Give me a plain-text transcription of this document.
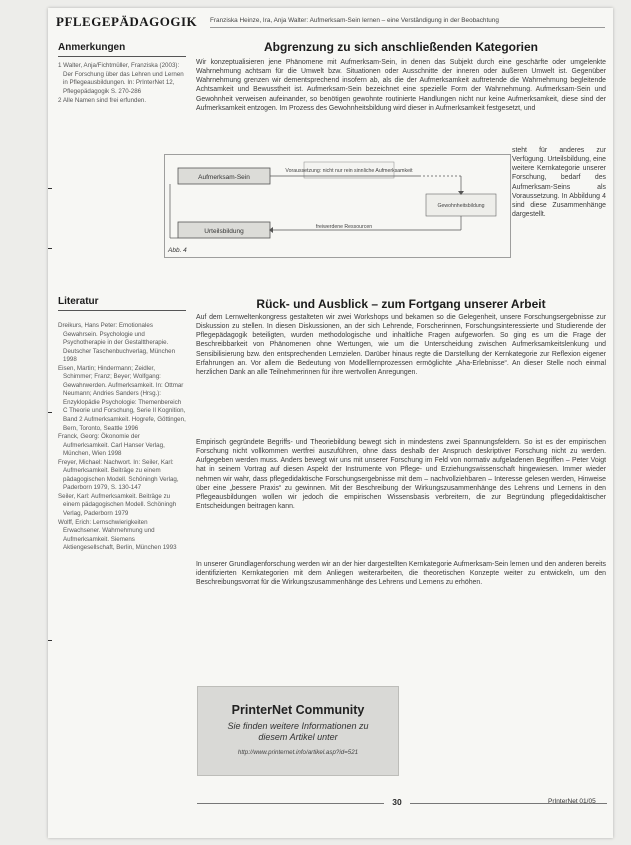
PFLEGEPÄDAGOGIK Franziska Heinze, Ira, Anja Walter: Aufmerksam-Sein lernen – eine Verständigung in der Beobachtung
Anmerkungen

1 Walter, Anja/Fichtmüller, Franziska (2003): Der Forschung über das Lehren und Lernen in Pflegeausbildungen. In: PrInterNet 12, Pflegepädagogik S. 270-286

2 Alle Namen sind frei erfunden.

Literatur

Dreikurs, Hans Peter: Emotionales Gewahrsein. Psychologie und Psychotherapie in der Gestalttherapie. Deutscher Taschenbuchverlag, München 1998

Eisen, Martin; Hindermann; Zeidler, Schimmer; Franz; Beyer; Wolfgang: Gewahrwerden. Aufmerksamkeit. In: Ottmar Neumann; Andries Sanders (Hrsg.): Enzyklopädie Psychologie: Themenbereich C Theorie und Forschung, Serie II Kognition, Band 2 Aufmerksamkeit. Hogrefe, Göttingen, Bern, Toronto, Seattle 1996

Franck, Georg: Ökonomie der Aufmerksamkeit. Carl Hanser Verlag, München, Wien 1998

Freyer, Michael: Nachwort. In: Seiler, Karl: Aufmerksamkeit. Beiträge zu einem pädagogischen Modell. Schöningh Verlag, Paderborn 1979, S. 130-147

Seiler, Karl: Aufmerksamkeit. Beiträge zu einem pädagogischen Modell. Schöningh Verlag, Paderborn 1979

Wolff, Erich: Lernschwierigkeiten Erwachsener. Wahrnehmung und Aufmerksamkeit. Siemens Aktiengesellschaft, Berlin, München 1993

Abgrenzung zu sich anschließenden Kategorien

Wir konzeptualisieren jene Phänomene mit Aufmerksam-Sein, in denen das Subjekt durch eine geschärfte oder umgelenkte Wahrnehmung achtsam für die Umwelt bzw. Situationen oder Ausschnitte der inneren oder äußeren Umwelt ist. Gegenüber Wahrnehmung grenzen wir dementsprechend insofern ab, als die der Aufmerksamkeit auftretende die Wahrnehmung begleitende Achtsamkeit und Bewusstheit ist. Aufmerksam-Sein bezeichnet eine spezielle Form der Wahrnehmung. Aufmerksam-Sein und Gewohnheit verweisen aufeinander, so benötigen gewohnte routinierte Handlungen nicht nur keine Aufmerksamkeit, diese sind der Aufmerksamkeit entzogen. Im Prozess des Gewohnheitsbildung wird dieser in Aufmerksamkeit festgesetzt, und

steht für anderes zur Verfügung. Urteilsbildung, eine weitere Kernkategorie unserer Forschung, bedarf des Aufmerksam-Seins als Voraussetzung. In Abbildung 4 sind diese Zusammenhänge dargestellt.

Aufmerksam-Sein
Urteilsbildung
Gewohnheitsbildung
Voraussetzung: nicht nur rein sinnliche Aufmerksamkeit
freiwerdene Ressourcen
Abb. 4
Rück- und Ausblick – zum Fortgang unserer Arbeit

Auf dem Lernweltenkongress gestalteten wir zwei Workshops und bekamen so die Gelegenheit, unsere Forschungsergebnisse zur Diskussion zu stellen. In diesen Diskussionen, an der sich Lehrende, Forscherinnen, Forschungsinteressierte und Studierende der Pflegepädagogik beteiligten, wurden methodologische und inhaltliche Fragen aufgeworfen. So ging es um die Frage der Beschreibbarkeit von Phänomenen ohne Wertungen, wie um die Unterscheidung zwischen Aufmerksamkeitslenkung und Sensibilisierung bzw. den entsprechenden Lernzielen. Darüber hinaus regte die Darstellung der Kernkategorie zur Reflexion eigener Erfahrungen an. Vor allem die Bedeutung von Modelllernprozessen ermöglichte „Aha-Erlebnisse“. An dieser Stelle noch einmal herzlichen Dank an alle Teilnehmerinnen für ihre wertvollen Anregungen.

Empirisch gegründete Begriffs- und Theoriebildung bewegt sich in mindestens zwei Spannungsfeldern. So ist es der empirischen Forschung nicht vollkommen wertfrei auszuführen, ohne dass deshalb der Anspruch deskriptiver Forschung nicht zu werden. Aufgegeben werden muss. Anders bewegt wir uns mit unserer Forschung im Feld von normativ aufgeladenen Begriffen – Peter Voigt hat in seinem Vortrag auf diesen Aspekt der Instrumente von Pflege- und Erziehungswissenschaft hingewiesen. Immer wieder nehmen wir wahr, dass pflegedidaktische Forschungsergebnisse mit dem – nachvollziehbaren – Interesse gelesen werden, Hinweise über eine „bessere Praxis“ zu gewinnen. Mit der Beschreibung der Wirkungszusammenhänge des Lehrens und Lernens in den Pflegeausbildungen wollen wir jedoch die empirischen Wissensbasis verbreitern, die zur Begründung pflegedidaktischer Entscheidungen beitragen kann.

In unserer Grundlagenforschung werden wir an der hier dargestellten Kernkategorie Aufmerksam-Sein lernen und den anderen bereits identifizierten Kernkategorien mit dem Anliegen weiterarbeiten, die theoretischen Konzepte weiter zu entwickeln, um den Beschreibungsvorrat für die Wirkungszusammenhänge des Lehrens und Lernens zu erhöhen.

PrinterNet Community
Sie finden weitere Informationen zu
diesem Artikel unter
http://www.printernet.info/artikel.asp?id=521
30	PrInterNet 01/05
